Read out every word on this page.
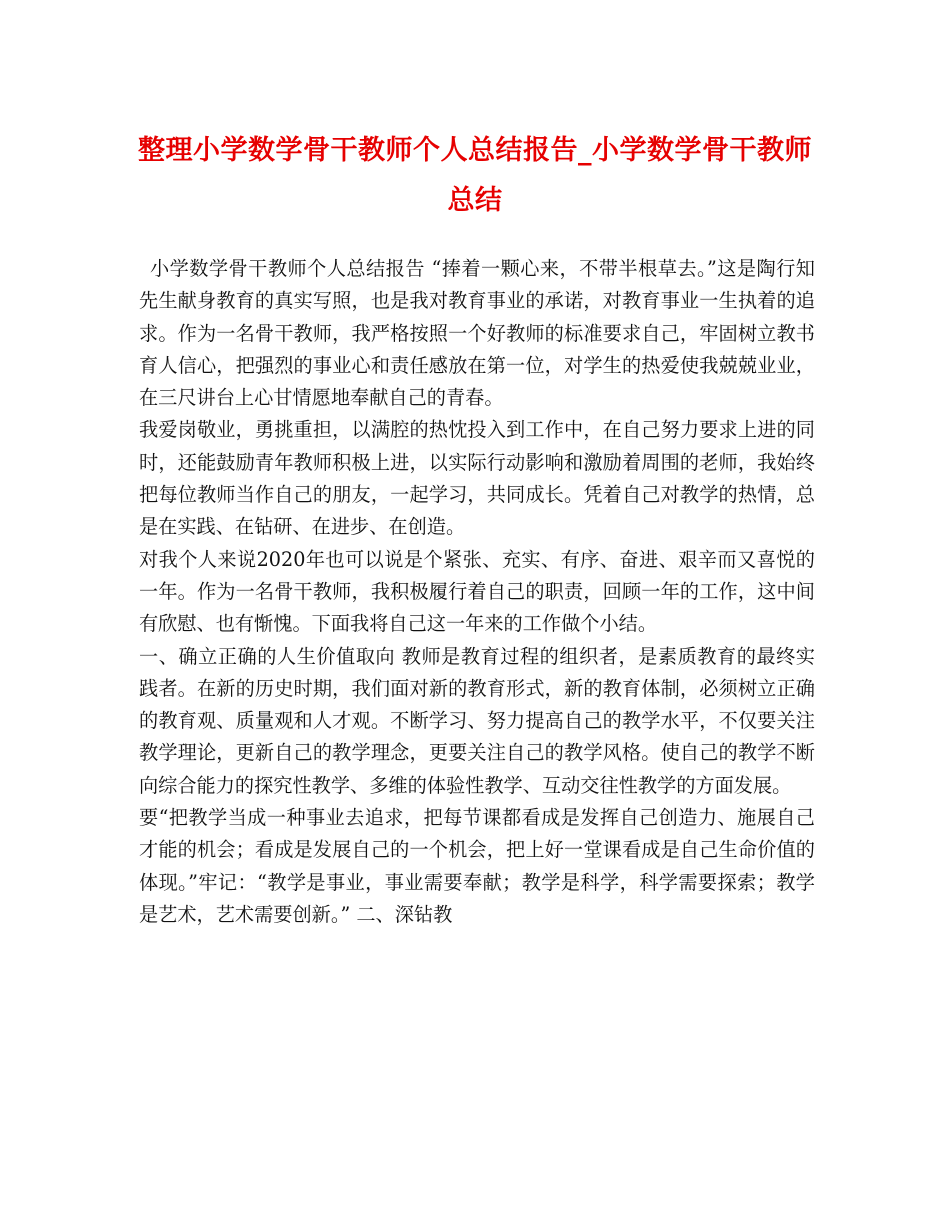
整理小学数学骨干教师个人总结报告_小学数学骨干教师总结

小学数学骨干教师个人总结报告 “捧着一颗心来，不带半根草去。”这是陶行知先生献身教育的真实写照，也是我对教育事业的承诺，对教育事业一生执着的追求。作为一名骨干教师，我严格按照一个好教师的标准要求自己，牢固树立教书育人信心，把强烈的事业心和责任感放在第一位，对学生的热爱使我兢兢业业，在三尺讲台上心甘情愿地奉献自己的青春。

我爱岗敬业，勇挑重担，以满腔的热忱投入到工作中，在自己努力要求上进的同时，还能鼓励青年教师积极上进，以实际行动影响和激励着周围的老师，我始终把每位教师当作自己的朋友，一起学习，共同成长。凭着自己对教学的热情，总是在实践、在钻研、在进步、在创造。

对我个人来说2020年也可以说是个紧张、充实、有序、奋进、艰辛而又喜悦的一年。作为一名骨干教师，我积极履行着自己的职责，回顾一年的工作，这中间有欣慰、也有惭愧。下面我将自己这一年来的工作做个小结。

一、确立正确的人生价值取向 教师是教育过程的组织者，是素质教育的最终实践者。在新的历史时期，我们面对新的教育形式，新的教育体制，必须树立正确的教育观、质量观和人才观。不断学习、努力提高自己的教学水平，不仅要关注教学理论，更新自己的教学理念，更要关注自己的教学风格。使自己的教学不断向综合能力的探究性教学、多维的体验性教学、互动交往性教学的方面发展。

要“把教学当成一种事业去追求，把每节课都看成是发挥自己创造力、施展自己才能的机会；看成是发展自己的一个机会，把上好一堂课看成是自己生命价值的体现。”牢记：“教学是事业，事业需要奉献；教学是科学，科学需要探索；教学是艺术，艺术需要创新。” 二、深钻教
